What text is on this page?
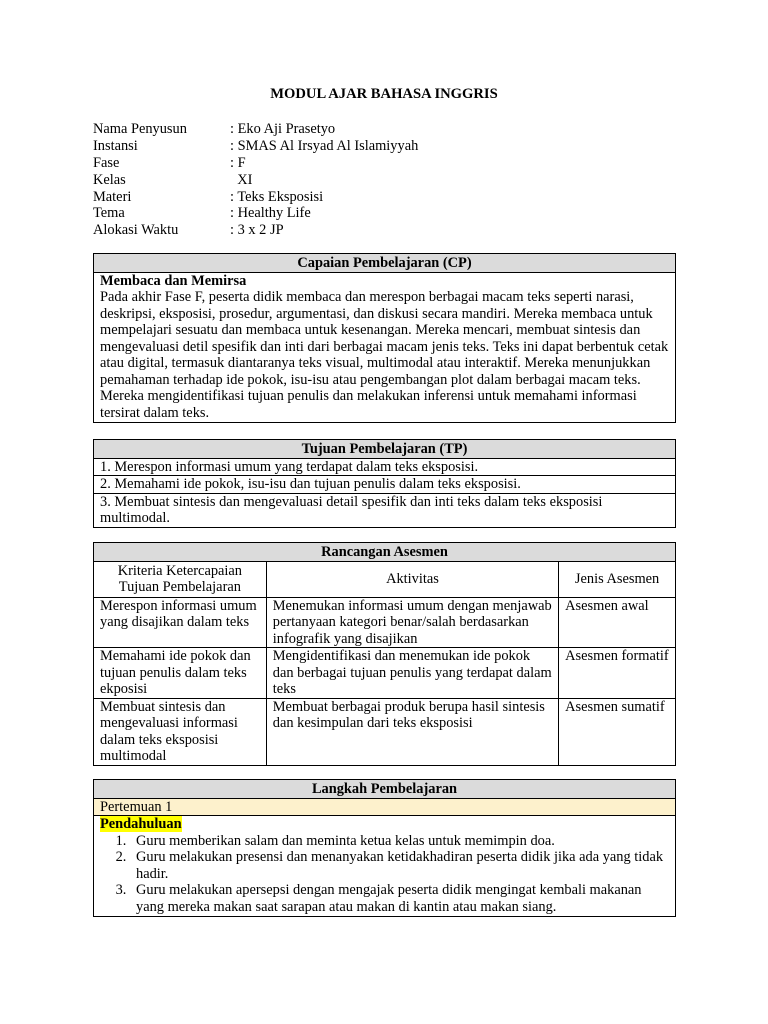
MODUL AJAR BAHASA INGGRIS
Nama Penyusun	: Eko Aji Prasetyo
Instansi	: SMAS Al Irsyad Al Islamiyyah
Fase	: F
Kelas	XI
Materi	: Teks Eksposisi
Tema	: Healthy Life
Alokasi Waktu	: 3 x 2 JP
Capaian Pembelajaran (CP)

Membaca dan Memirsa
Pada akhir Fase F, peserta didik membaca dan merespon berbagai macam teks seperti narasi, deskripsi, eksposisi, prosedur, argumentasi, dan diskusi secara mandiri. Mereka membaca untuk mempelajari sesuatu dan membaca untuk kesenangan. Mereka mencari, membuat sintesis dan mengevaluasi detil spesifik dan inti dari berbagai macam jenis teks. Teks ini dapat berbentuk cetak atau digital, termasuk diantaranya teks visual, multimodal atau interaktif. Mereka menunjukkan pemahaman terhadap ide pokok, isu-isu atau pengembangan plot dalam berbagai macam teks. Mereka mengidentifikasi tujuan penulis dan melakukan inferensi untuk memahami informasi tersirat dalam teks.
Tujuan Pembelajaran (TP)
1. Merespon informasi umum yang terdapat dalam teks eksposisi.
2. Memahami ide pokok, isu-isu dan tujuan penulis dalam teks eksposisi.
3. Membuat sintesis dan mengevaluasi detail spesifik dan inti teks dalam teks eksposisi multimodal.
Rancangan Asesmen		
Kriteria Ketercapaian Tujuan Pembelajaran	Aktivitas	Jenis Asesmen
Merespon informasi umum yang disajikan dalam teks	Menemukan informasi umum dengan menjawab pertanyaan kategori benar/salah berdasarkan infografik yang disajikan	Asesmen awal
Memahami ide pokok dan tujuan penulis dalam teks ekposisi	Mengidentifikasi dan menemukan ide pokok dan berbagai tujuan penulis yang terdapat dalam teks	Asesmen formatif
Membuat sintesis dan mengevaluasi informasi dalam teks eksposisi multimodal	Membuat berbagai produk berupa hasil sintesis dan kesimpulan dari teks eksposisi	Asesmen sumatif
Langkah Pembelajaran
Pertemuan 1

Pendahuluan
1. Guru memberikan salam dan meminta ketua kelas untuk memimpin doa.
2. Guru melakukan presensi dan menanyakan ketidakhadiran peserta didik jika ada yang tidak hadir.
3. Guru melakukan apersepsi dengan mengajak peserta didik mengingat kembali makanan yang mereka makan saat sarapan atau makan di kantin atau makan siang.
